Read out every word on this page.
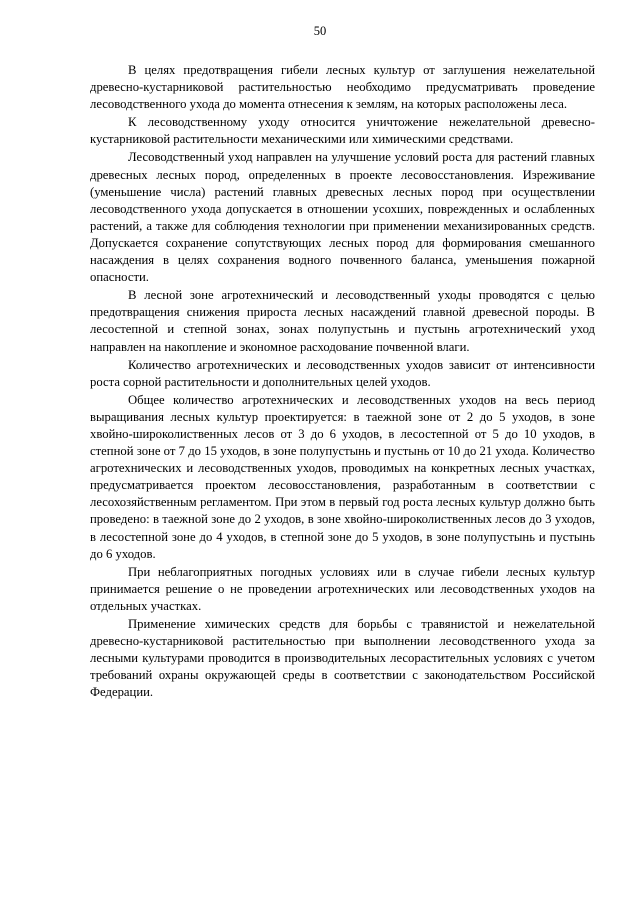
50

В целях предотвращения гибели лесных культур от заглушения нежелательной древесно-кустарниковой растительностью необходимо предусматривать проведение лесоводственного ухода до момента отнесения к землям, на которых расположены леса.

К лесоводственному уходу относится уничтожение нежелательной древесно-кустарниковой растительности механическими или химическими средствами.

Лесоводственный уход направлен на улучшение условий роста для растений главных древесных лесных пород, определенных в проекте лесовосстановления. Изреживание (уменьшение числа) растений главных древесных лесных пород при осуществлении лесоводственного ухода допускается в отношении усохших, поврежденных и ослабленных растений, а также для соблюдения технологии при применении механизированных средств. Допускается сохранение сопутствующих лесных пород для формирования смешанного насаждения в целях сохранения водного почвенного баланса, уменьшения пожарной опасности.

В лесной зоне агротехнический и лесоводственный уходы проводятся с целью предотвращения снижения прироста лесных насаждений главной древесной породы. В лесостепной и степной зонах, зонах полупустынь и пустынь агротехнический уход направлен на накопление и экономное расходование почвенной влаги.

Количество агротехнических и лесоводственных уходов зависит от интенсивности роста сорной растительности и дополнительных целей уходов.

Общее количество агротехнических и лесоводственных уходов на весь период выращивания лесных культур проектируется: в таежной зоне от 2 до 5 уходов, в зоне хвойно-широколиственных лесов от 3 до 6 уходов, в лесостепной от 5 до 10 уходов, в степной зоне от 7 до 15 уходов, в зоне полупустынь и пустынь от 10 до 21 ухода. Количество агротехнических и лесоводственных уходов, проводимых на конкретных лесных участках, предусматривается проектом лесовосстановления, разработанным в соответствии с лесохозяйственным регламентом. При этом в первый год роста лесных культур должно быть проведено: в таежной зоне до 2 уходов, в зоне хвойно-широколиственных лесов до 3 уходов, в лесостепной зоне до 4 уходов, в степной зоне до 5 уходов, в зоне полупустынь и пустынь до 6 уходов.

При неблагоприятных погодных условиях или в случае гибели лесных культур принимается решение о не проведении агротехнических или лесоводственных уходов на отдельных участках.

Применение химических средств для борьбы с травянистой и нежелательной древесно-кустарниковой растительностью при выполнении лесоводственного ухода за лесными культурами проводится в производительных лесорастительных условиях с учетом требований охраны окружающей среды в соответствии с законодательством Российской Федерации.
